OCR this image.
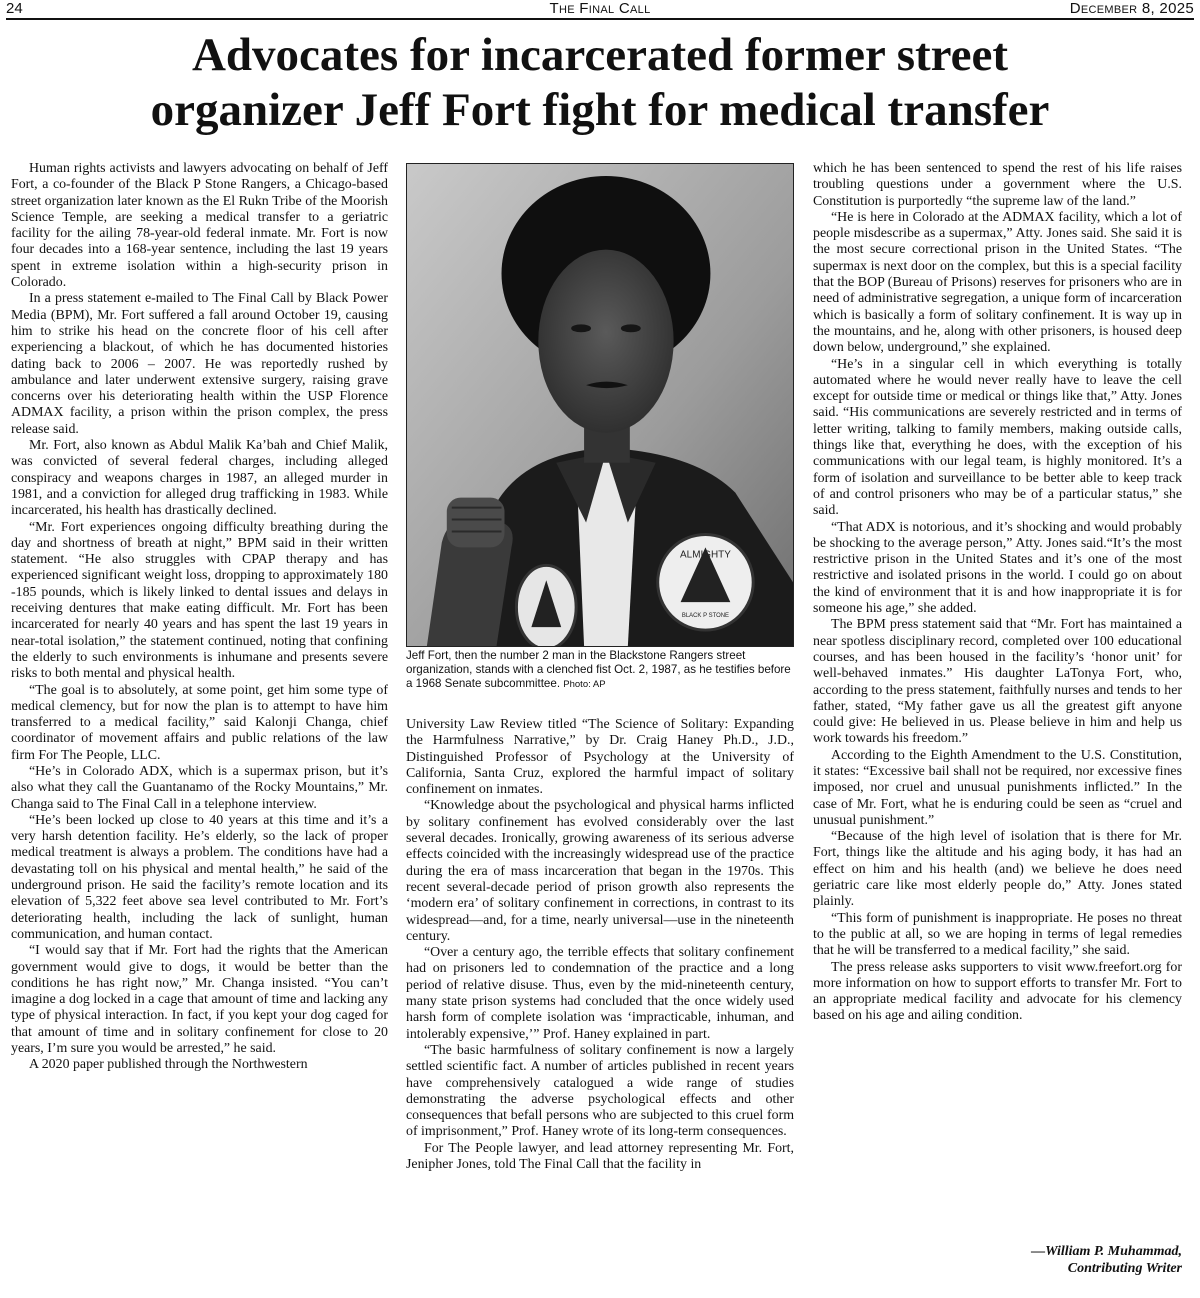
24	The Final Call	December 8, 2025
Advocates for incarcerated former street
organizer Jeff Fort fight for medical transfer

Human rights activists and lawyers advocating on behalf of Jeff Fort, a co-founder of the Black P Stone Rangers, a Chicago-based street organization later known as the El Rukn Tribe of the Moorish Science Temple, are seeking a medical transfer to a geriatric facility for the ailing 78-year-old federal inmate. Mr. Fort is now four decades into a 168-year sentence, including the last 19 years spent in extreme isolation within a high-security prison in Colorado.

In a press statement e-mailed to The Final Call by Black Power Media (BPM), Mr. Fort suffered a fall around October 19, causing him to strike his head on the concrete floor of his cell after experiencing a blackout, of which he has documented histories dating back to 2006 – 2007. He was reportedly rushed by ambulance and later underwent extensive surgery, raising grave concerns over his deteriorating health within the USP Florence ADMAX facility, a prison within the prison complex, the press release said.

Mr. Fort, also known as Abdul Malik Ka’bah and Chief Malik, was convicted of several federal charges, including alleged conspiracy and weapons charges in 1987, an alleged murder in 1981, and a conviction for alleged drug trafficking in 1983. While incarcerated, his health has drastically declined.

“Mr. Fort experiences ongoing difficulty breathing during the day and shortness of breath at night,” BPM said in their written statement. “He also struggles with CPAP therapy and has experienced significant weight loss, dropping to approximately 180 -185 pounds, which is likely linked to dental issues and delays in receiving dentures that make eating difficult. Mr. Fort has been incarcerated for nearly 40 years and has spent the last 19 years in near-total isolation,” the statement continued, noting that confining the elderly to such environments is inhumane and presents severe risks to both mental and physical health.

“The goal is to absolutely, at some point, get him some type of medical clemency, but for now the plan is to attempt to have him transferred to a medical facility,” said Kalonji Changa, chief coordinator of movement affairs and public relations of the law firm For The People, LLC.

“He’s in Colorado ADX, which is a supermax prison, but it’s also what they call the Guantanamo of the Rocky Mountains,” Mr. Changa said to The Final Call in a telephone interview.

“He’s been locked up close to 40 years at this time and it’s a very harsh detention facility. He’s elderly, so the lack of proper medical treatment is always a problem. The conditions have had a devastating toll on his physical and mental health,” he said of the underground prison. He said the facility’s remote location and its elevation of 5,322 feet above sea level contributed to Mr. Fort’s deteriorating health, including the lack of sunlight, human communication, and human contact.

“I would say that if Mr. Fort had the rights that the American government would give to dogs, it would be better than the conditions he has right now,” Mr. Changa insisted. “You can’t imagine a dog locked in a cage that amount of time and lacking any type of physical interaction. In fact, if you kept your dog caged for that amount of time and in solitary confinement for close to 20 years, I’m sure you would be arrested,” he said.

A 2020 paper published through the Northwestern

ALMIGHTY
BLACK P STONE
Jeff Fort, then the number 2 man in the Blackstone Rangers street organization, stands with a clenched fist Oct. 2, 1987, as he testifies before a 1968 Senate subcommittee. Photo: AP

University Law Review titled “The Science of Solitary: Expanding the Harmfulness Narrative,” by Dr. Craig Haney Ph.D., J.D., Distinguished Professor of Psychology at the University of California, Santa Cruz, explored the harmful impact of solitary confinement on inmates.

“Knowledge about the psychological and physical harms inflicted by solitary confinement has evolved considerably over the last several decades. Ironically, growing awareness of its serious adverse effects coincided with the increasingly widespread use of the practice during the era of mass incarceration that began in the 1970s. This recent several-decade period of prison growth also represents the ‘modern era’ of solitary confinement in corrections, in contrast to its widespread—and, for a time, nearly universal—use in the nineteenth century.

“Over a century ago, the terrible effects that solitary confinement had on prisoners led to condemnation of the practice and a long period of relative disuse. Thus, even by the mid-nineteenth century, many state prison systems had concluded that the once widely used harsh form of complete isolation was ‘impracticable, inhuman, and intolerably expensive,’” Prof. Haney explained in part.

“The basic harmfulness of solitary confinement is now a largely settled scientific fact. A number of articles published in recent years have comprehensively catalogued a wide range of studies demonstrating the adverse psychological effects and other consequences that befall persons who are subjected to this cruel form of imprisonment,” Prof. Haney wrote of its long-term consequences.

For The People lawyer, and lead attorney representing Mr. Fort, Jenipher Jones, told The Final Call that the facility in

which he has been sentenced to spend the rest of his life raises troubling questions under a government where the U.S. Constitution is purportedly “the supreme law of the land.”

“He is here in Colorado at the ADMAX facility, which a lot of people misdescribe as a supermax,” Atty. Jones said. She said it is the most secure correctional prison in the United States. “The supermax is next door on the complex, but this is a special facility that the BOP (Bureau of Prisons) reserves for prisoners who are in need of administrative segregation, a unique form of incarceration which is basically a form of solitary confinement. It is way up in the mountains, and he, along with other prisoners, is housed deep down below, underground,” she explained.

“He’s in a singular cell in which everything is totally automated where he would never really have to leave the cell except for outside time or medical or things like that,” Atty. Jones said. “His communications are severely restricted and in terms of letter writing, talking to family members, making outside calls, things like that, everything he does, with the exception of his communications with our legal team, is highly monitored. It’s a form of isolation and surveillance to be better able to keep track of and control prisoners who may be of a particular status,” she said.

“That ADX is notorious, and it’s shocking and would probably be shocking to the average person,” Atty. Jones said.“It’s the most restrictive prison in the United States and it’s one of the most restrictive and isolated prisons in the world. I could go on about the kind of environment that it is and how inappropriate it is for someone his age,” she added.

The BPM press statement said that “Mr. Fort has maintained a near spotless disciplinary record, completed over 100 educational courses, and has been housed in the facility’s ‘honor unit’ for well-behaved inmates.” His daughter LaTonya Fort, who, according to the press statement, faithfully nurses and tends to her father, stated, “My father gave us all the greatest gift anyone could give: He believed in us. Please believe in him and help us work towards his freedom.”

According to the Eighth Amendment to the U.S. Constitution, it states: “Excessive bail shall not be required, nor excessive fines imposed, nor cruel and unusual punishments inflicted.” In the case of Mr. Fort, what he is enduring could be seen as “cruel and unusual punishment.”

“Because of the high level of isolation that is there for Mr. Fort, things like the altitude and his aging body, it has had an effect on him and his health (and) we believe he does need geriatric care like most elderly people do,” Atty. Jones stated plainly.

“This form of punishment is inappropriate. He poses no threat to the public at all, so we are hoping in terms of legal remedies that he will be transferred to a medical facility,” she said.

The press release asks supporters to visit www.freefort.org for more information on how to support efforts to transfer Mr. Fort to an appropriate medical facility and advocate for his clemency based on his age and ailing condition.

—William P. Muhammad,
Contributing Writer
